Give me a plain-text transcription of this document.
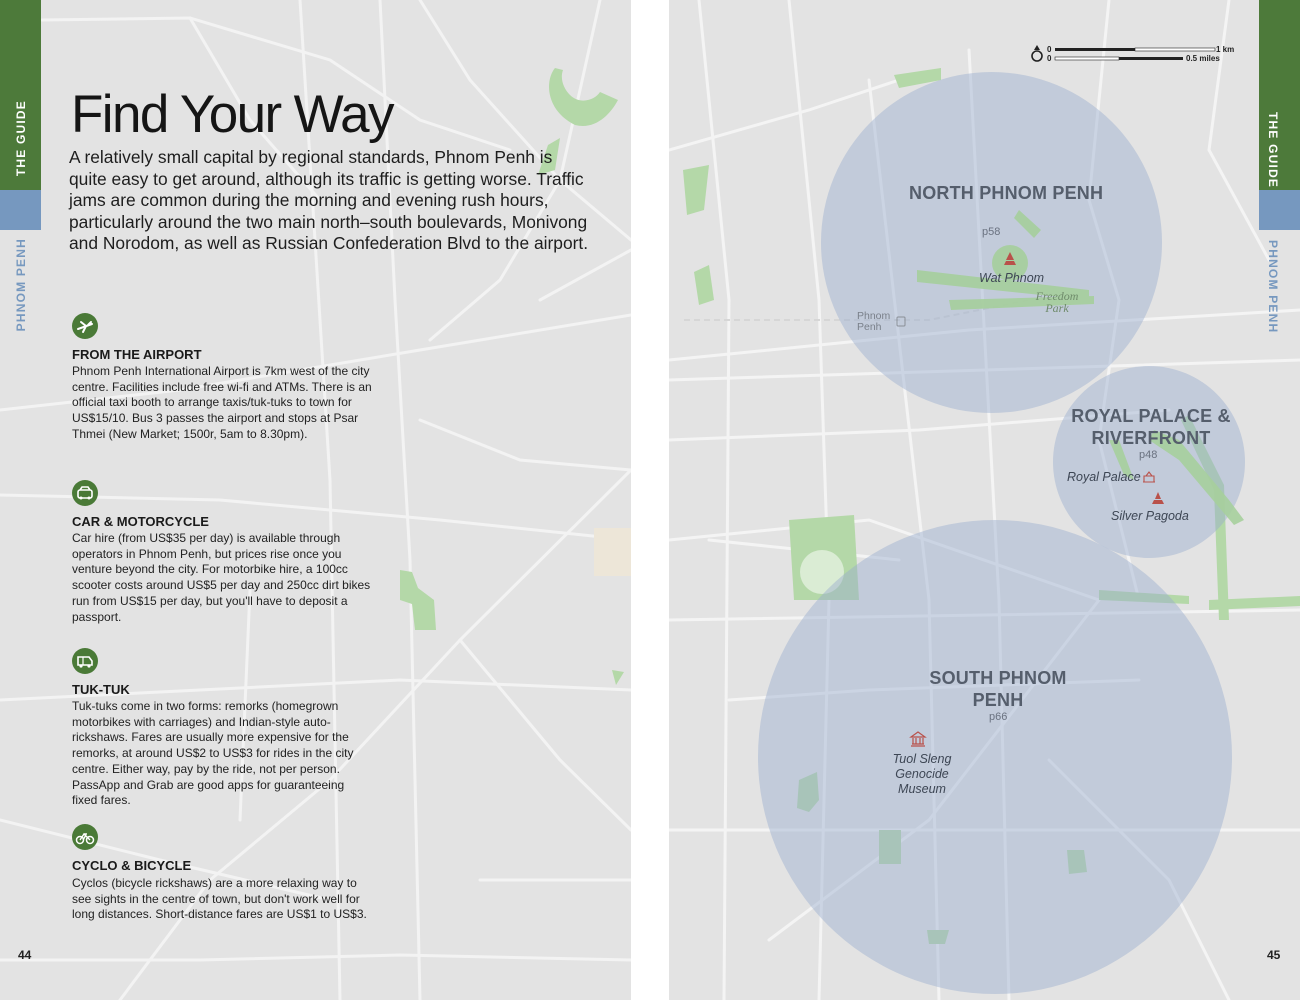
THE GUIDE
PHNOM PENH
Find Your Way

A relatively small capital by regional standards, Phnom Penh is quite easy to get around, although its traffic is getting worse. Traffic jams are common during the morning and evening rush hours, particularly around the two main north–south boulevards, Monivong and Norodom, as well as Russian Confederation Blvd to the airport.

FROM THE AIRPORT

Phnom Penh International Airport is 7km west of the city centre. Facilities include free wi-fi and ATMs. There is an official taxi booth to arrange taxis/tuk-tuks to town for US$15/10. Bus 3 passes the airport and stops at Psar Thmei (New Market; 1500r, 5am to 8.30pm).

CAR & MOTORCYCLE

Car hire (from US$35 per day) is available through operators in Phnom Penh, but prices rise once you venture beyond the city. For motorbike hire, a 100cc scooter costs around US$5 per day and 250cc dirt bikes run from US$15 per day, but you'll have to deposit a passport.

TUK-TUK

Tuk-tuks come in two forms: remorks (homegrown motorbikes with carriages) and Indian-style auto-rickshaws. Fares are usually more expensive for the remorks, at around US$2 to US$3 for rides in the city centre. Either way, pay by the ride, not per person. PassApp and Grab are good apps for guaranteeing fixed fares.

CYCLO & BICYCLE

Cyclos (bicycle rickshaws) are a more relaxing way to see sights in the centre of town, but don't work well for long distances. Short-distance fares are US$1 to US$3.

44
NORTH PHNOM PENH
p58
ROYAL PALACE & RIVERFRONT
p48
SOUTH PHNOM PENH
p66
Wat Phnom
Freedom Park
Phnom Penh
Royal Palace
Silver Pagoda
Tuol Sleng Genocide Museum
0	1 km
0	0.5 miles
THE GUIDE
PHNOM PENH
45
